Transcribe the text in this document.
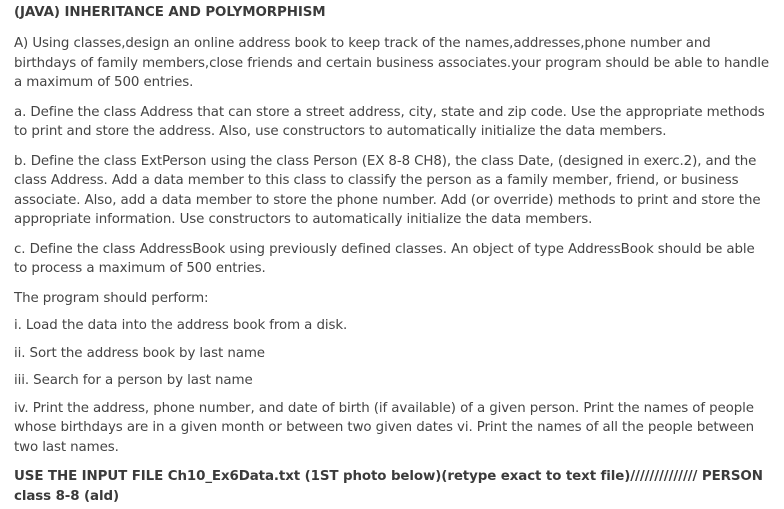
(JAVA) INHERITANCE AND POLYMORPHISM

A) Using classes,design an online address book to keep track of the names,addresses,phone number and birthdays of family members,close friends and certain business associates.your program should be able to handle a maximum of 500 entries.

a. Define the class Address that can store a street address, city, state and zip code. Use the appropriate methods to print and store the address. Also, use constructors to automatically initialize the data members.

b. Define the class ExtPerson using the class Person (EX 8-8 CH8), the class Date, (designed in exerc.2), and the class Address. Add a data member to this class to classify the person as a family member, friend, or business associate. Also, add a data member to store the phone number. Add (or override) methods to print and store the appropriate information. Use constructors to automatically initialize the data members.

c. Define the class AddressBook using previously defined classes. An object of type AddressBook should be able to process a maximum of 500 entries.

The program should perform:

i. Load the data into the address book from a disk.

ii. Sort the address book by last name

iii. Search for a person by last name

iv. Print the address, phone number, and date of birth (if available) of a given person. Print the names of people whose birthdays are in a given month or between two given dates vi. Print the names of all the people between two last names.

USE THE INPUT FILE Ch10_Ex6Data.txt (1ST photo below)(retype exact to text file)////////////// PERSON class 8-8 (ald)
